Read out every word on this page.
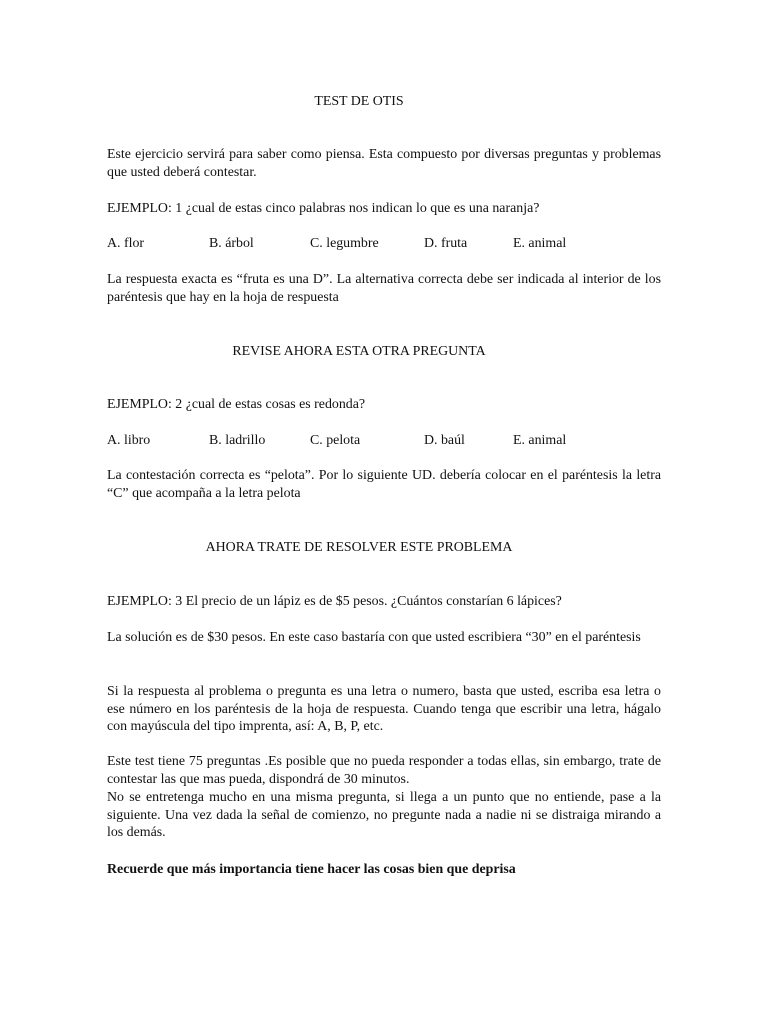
TEST DE OTIS
Este ejercicio servirá para saber como piensa. Esta compuesto por diversas preguntas y problemas que usted deberá contestar.
EJEMPLO: 1 ¿cual de estas cinco palabras nos indican lo que es una naranja?
A. flor	B. árbol	C. legumbre	D. fruta	E. animal
La respuesta exacta es “fruta es una D”. La alternativa correcta debe ser indicada al interior de los paréntesis que hay en la hoja de respuesta
REVISE AHORA ESTA OTRA PREGUNTA
EJEMPLO: 2 ¿cual de estas cosas es redonda?
A. libro	B. ladrillo	C. pelota	D. baúl	E. animal
La contestación correcta es “pelota”. Por lo siguiente UD. debería colocar en el paréntesis la letra “C” que acompaña a la letra pelota
AHORA TRATE DE RESOLVER ESTE PROBLEMA
EJEMPLO: 3 El precio de un lápiz es de $5 pesos. ¿Cuántos constarían 6 lápices?
La solución es de $30 pesos. En este caso bastaría con que usted escribiera “30” en el paréntesis
Si la respuesta al problema o pregunta es una letra o numero, basta que usted, escriba esa letra o ese número en los paréntesis de la hoja de respuesta. Cuando tenga que escribir una letra, hágalo con mayúscula del tipo imprenta, así: A, B, P, etc.
Este test tiene 75 preguntas .Es posible que no pueda responder a todas ellas, sin embargo, trate de contestar las que mas pueda, dispondrá de 30 minutos.
No se entretenga mucho en una misma pregunta, si llega a un punto que no entiende, pase a la siguiente. Una vez dada la señal de comienzo, no pregunte nada a nadie ni se distraiga mirando a los demás.
Recuerde que más importancia tiene hacer las cosas bien que deprisa
